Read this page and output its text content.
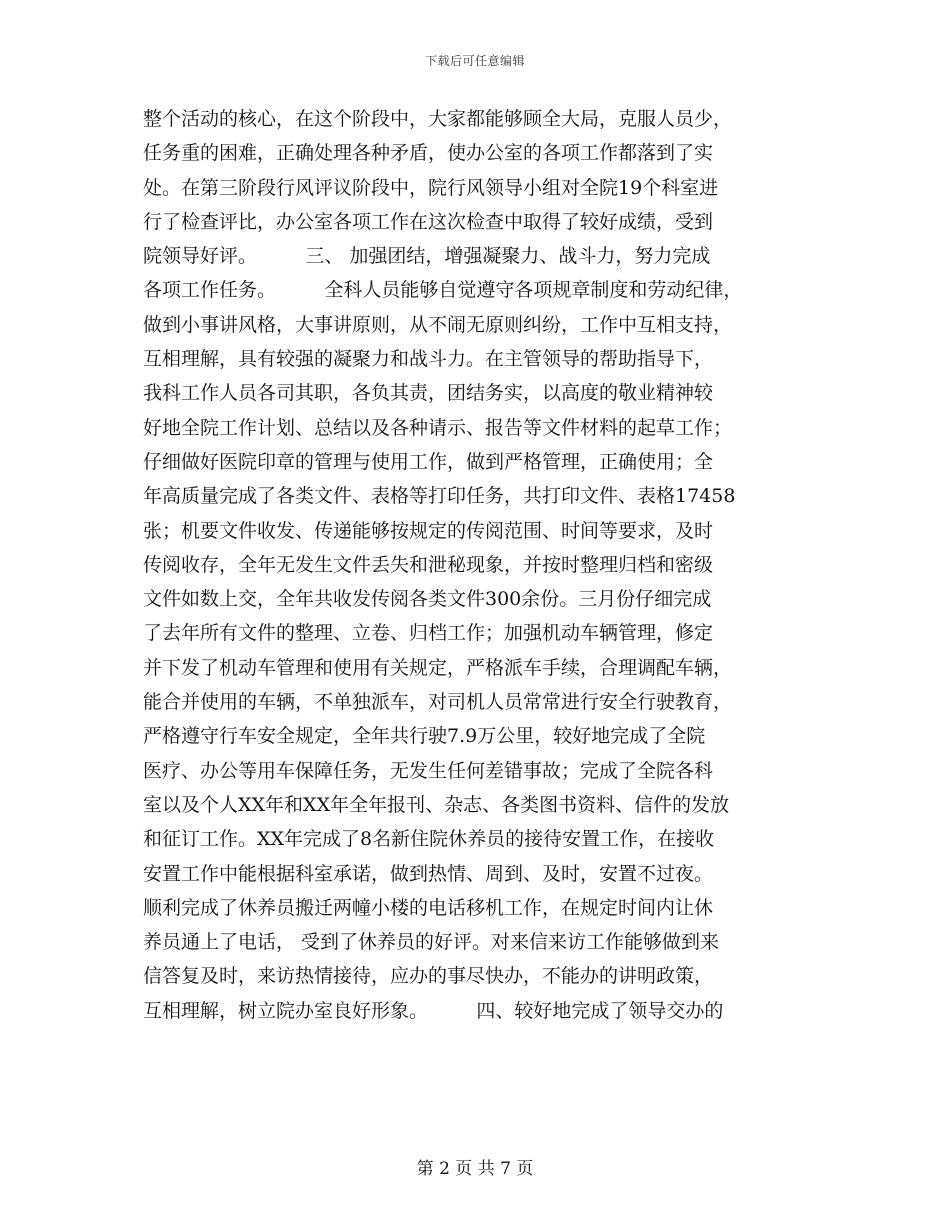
下载后可任意编辑
整个活动的核心，在这个阶段中，大家都能够顾全大局，克服人员少，
任务重的困难，正确处理各种矛盾，使办公室的各项工作都落到了实
处。在第三阶段行风评议阶段中，院行风领导小组对全院19个科室进
行了检查评比，办公室各项工作在这次检查中取得了较好成绩，受到
院领导好评。        三、 加强团结，增强凝聚力、战斗力，努力完成
各项工作任务。        全科人员能够自觉遵守各项规章制度和劳动纪律，
做到小事讲风格，大事讲原则，从不闹无原则纠纷，工作中互相支持，
互相理解，具有较强的凝聚力和战斗力。在主管领导的帮助指导下，
我科工作人员各司其职，各负其责，团结务实，以高度的敬业精神较
好地全院工作计划、总结以及各种请示、报告等文件材料的起草工作；
仔细做好医院印章的管理与使用工作，做到严格管理，正确使用；全
年高质量完成了各类文件、表格等打印任务，共打印文件、表格17458
张；机要文件收发、传递能够按规定的传阅范围、时间等要求，及时
传阅收存，全年无发生文件丢失和泄秘现象，并按时整理归档和密级
文件如数上交，全年共收发传阅各类文件300余份。三月份仔细完成
了去年所有文件的整理、立卷、归档工作；加强机动车辆管理，修定
并下发了机动车管理和使用有关规定，严格派车手续，合理调配车辆，
能合并使用的车辆，不单独派车，对司机人员常常进行安全行驶教育，
严格遵守行车安全规定，全年共行驶7.9万公里，较好地完成了全院
医疗、办公等用车保障任务，无发生任何差错事故；完成了全院各科
室以及个人XX年和XX年全年报刊、杂志、各类图书资料、信件的发放
和征订工作。XX年完成了8名新住院休养员的接待安置工作，在接收
安置工作中能根据科室承诺，做到热情、周到、及时，安置不过夜。
顺利完成了休养员搬迁两幢小楼的电话移机工作，在规定时间内让休
养员通上了电话， 受到了休养员的好评。对来信来访工作能够做到来
信答复及时，来访热情接待，应办的事尽快办，不能办的讲明政策，
互相理解，树立院办室良好形象。        四、较好地完成了领导交办的
第 2 页 共 7 页
